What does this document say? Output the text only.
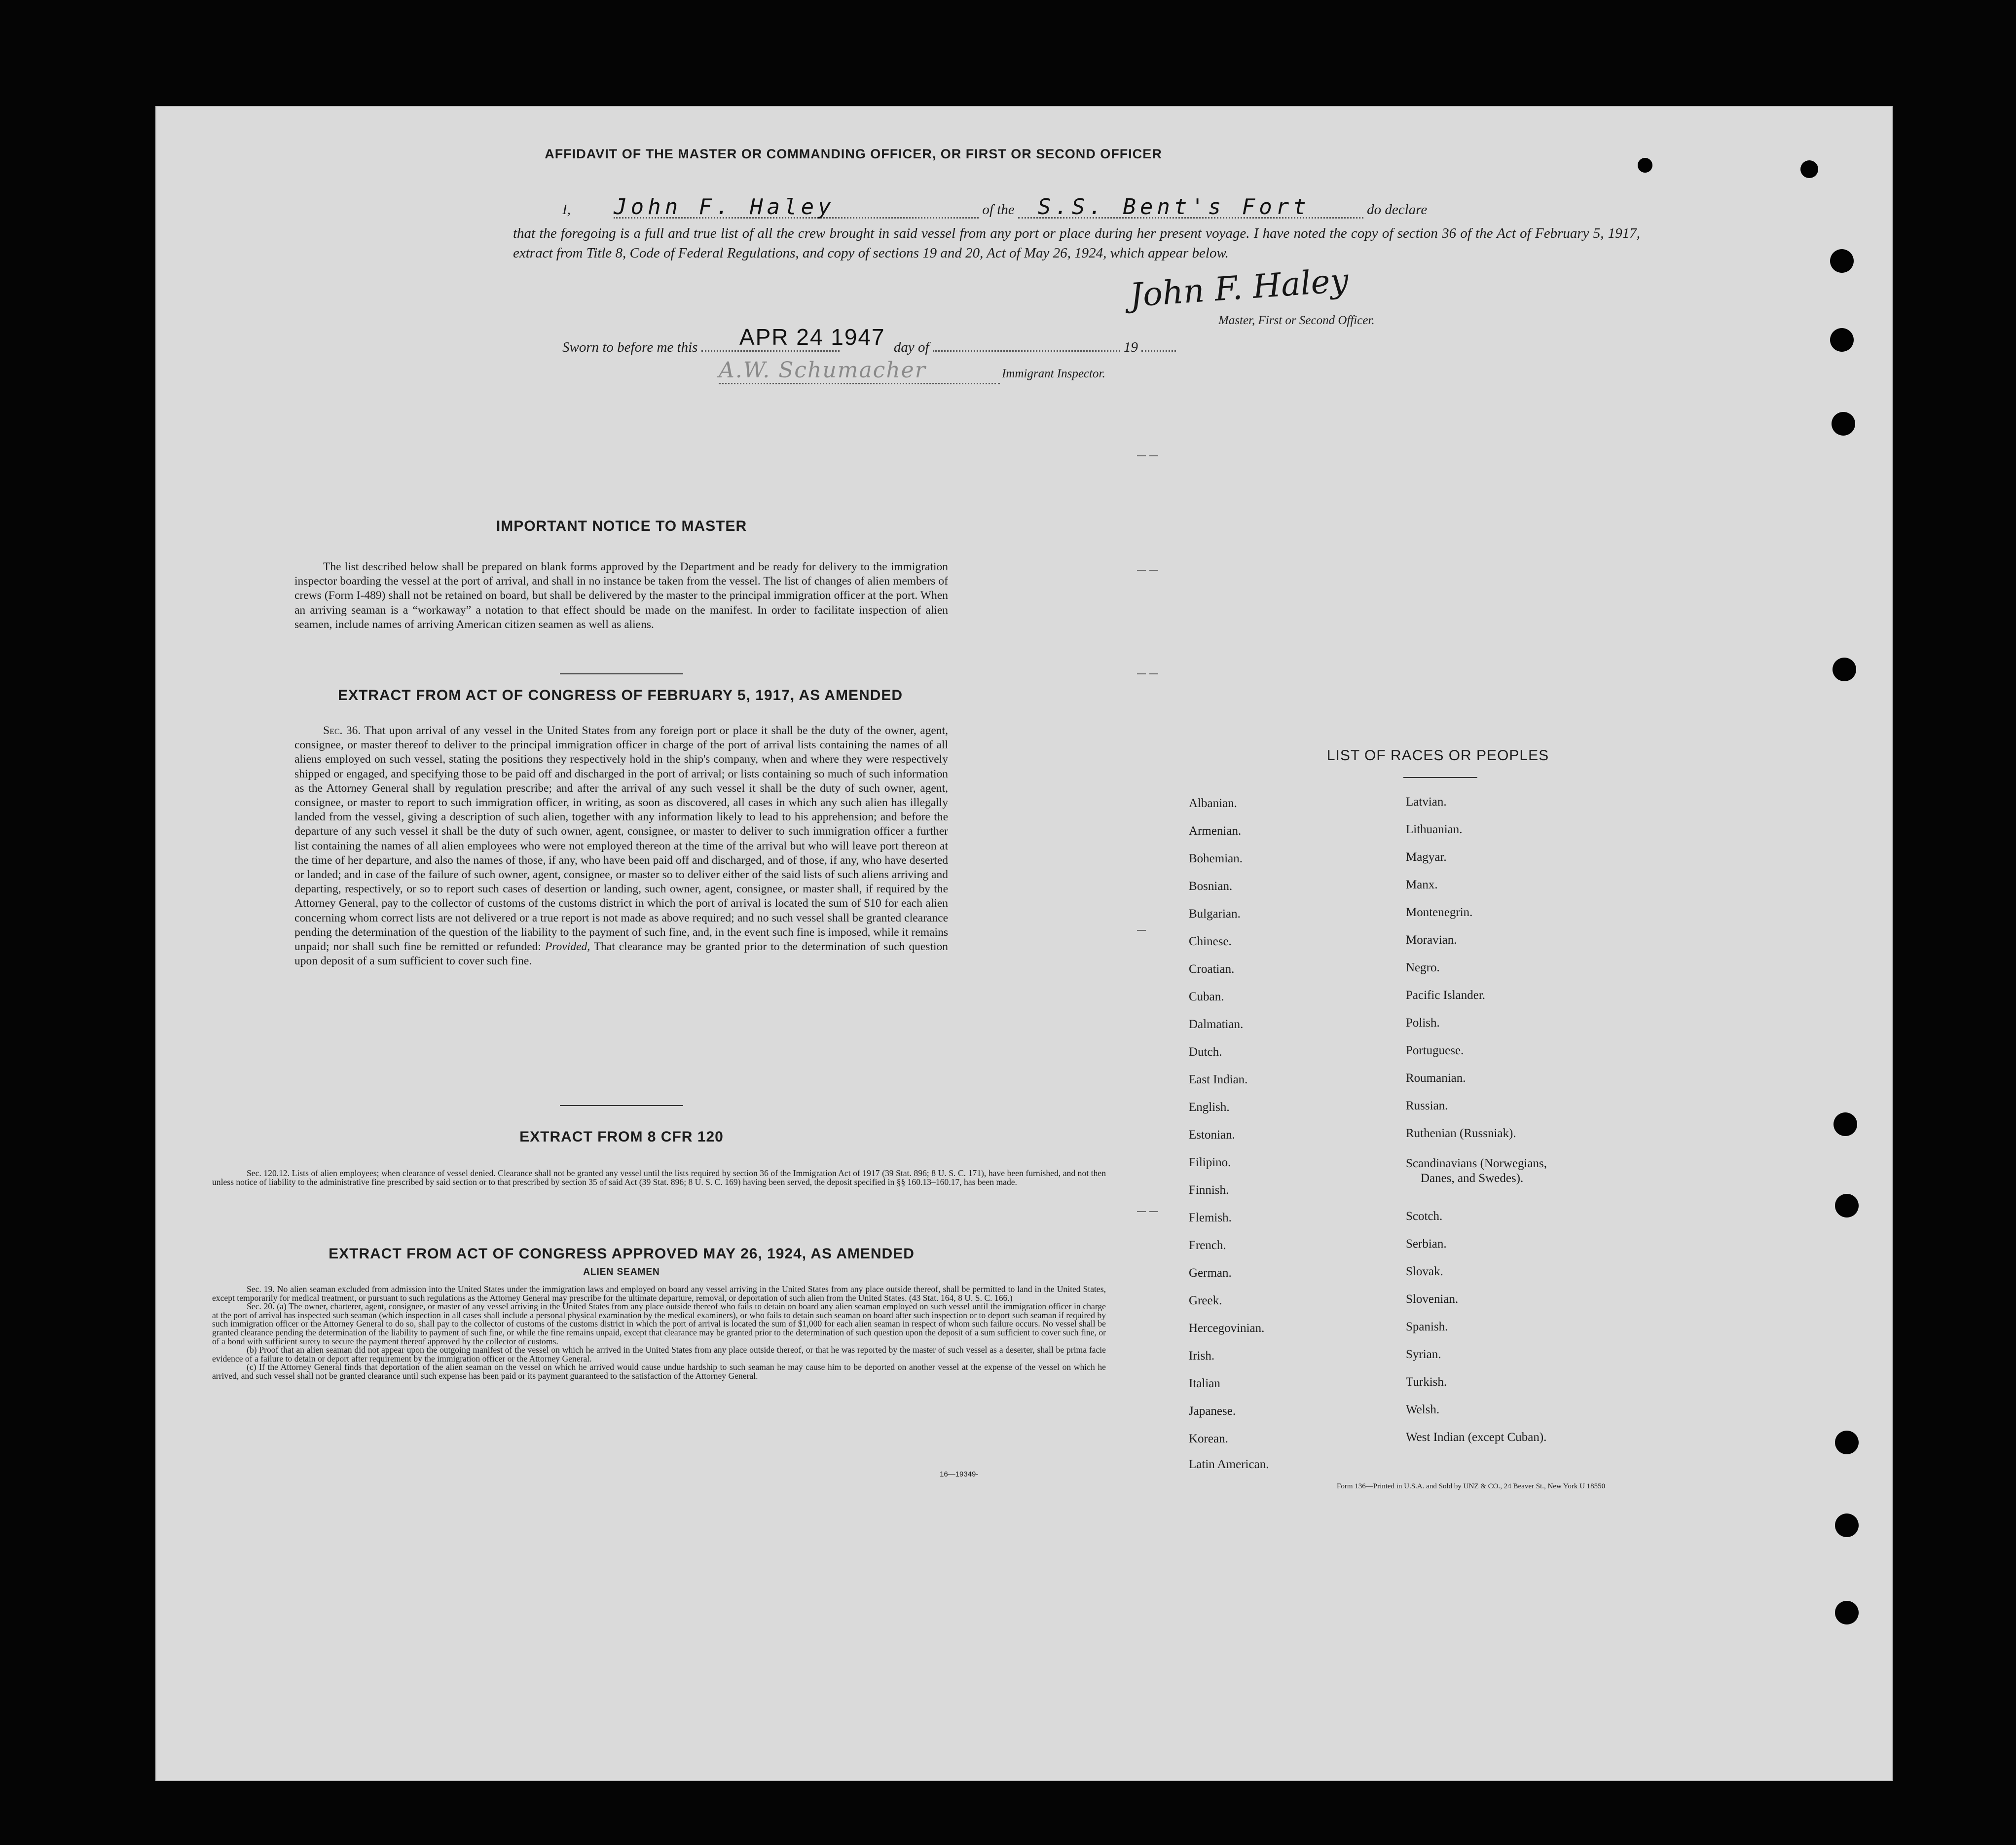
AFFIDAVIT OF THE MASTER OR COMMANDING OFFICER, OR FIRST OR SECOND OFFICER
I, John F. Haley	of the S.S. Bent's Fort	do declare
that the foregoing is a full and true list of all the crew brought in said vessel from any port or place during her present voyage. I have noted the copy of section 36 of the Act of February 5, 1917, extract from Title 8, Code of Federal Regulations, and copy of sections 19 and 20, Act of May 26, 1924, which appear below.
John F. Haley
Master, First or Second Officer.
Sworn to before me this APR 24 1947 day of	19
A.W. Schumacher	Immigrant Inspector.
IMPORTANT NOTICE TO MASTER
The list described below shall be prepared on blank forms approved by the Department and be ready for delivery to the immigration inspector boarding the vessel at the port of arrival, and shall in no instance be taken from the vessel. The list of changes of alien members of crews (Form I-489) shall not be retained on board, but shall be delivered by the master to the principal immigration officer at the port. When an arriving seaman is a “workaway” a notation to that effect should be made on the manifest. In order to facilitate inspection of alien seamen, include names of arriving American citizen seamen as well as aliens.
EXTRACT FROM ACT OF CONGRESS OF FEBRUARY 5, 1917, AS AMENDED
Sec. 36. That upon arrival of any vessel in the United States from any foreign port or place it shall be the duty of the owner, agent, consignee, or master thereof to deliver to the principal immigration officer in charge of the port of arrival lists containing the names of all aliens employed on such vessel, stating the positions they respectively hold in the ship's company, when and where they were respectively shipped or engaged, and specifying those to be paid off and discharged in the port of arrival; or lists containing so much of such information as the Attorney General shall by regulation prescribe; and after the arrival of any such vessel it shall be the duty of such owner, agent, consignee, or master to report to such immigration officer, in writing, as soon as discovered, all cases in which any such alien has illegally landed from the vessel, giving a description of such alien, together with any information likely to lead to his apprehension; and before the departure of any such vessel it shall be the duty of such owner, agent, consignee, or master to deliver to such immigration officer a further list containing the names of all alien employees who were not employed thereon at the time of the arrival but who will leave port thereon at the time of her departure, and also the names of those, if any, who have been paid off and discharged, and of those, if any, who have deserted or landed; and in case of the failure of such owner, agent, consignee, or master so to deliver either of the said lists of such aliens arriving and departing, respectively, or so to report such cases of desertion or landing, such owner, agent, consignee, or master shall, if required by the Attorney General, pay to the collector of customs of the customs district in which the port of arrival is located the sum of $10 for each alien concerning whom correct lists are not delivered or a true report is not made as above required; and no such vessel shall be granted clearance pending the determination of the question of the liability to the payment of such fine, and, in the event such fine is imposed, while it remains unpaid; nor shall such fine be remitted or refunded: Provided, That clearance may be granted prior to the determination of such question upon deposit of a sum sufficient to cover such fine.
EXTRACT FROM 8 CFR 120
Sec. 120.12. Lists of alien employees; when clearance of vessel denied. Clearance shall not be granted any vessel until the lists required by section 36 of the Immigration Act of 1917 (39 Stat. 896; 8 U. S. C. 171), have been furnished, and not then unless notice of liability to the administrative fine prescribed by said section or to that prescribed by section 35 of said Act (39 Stat. 896; 8 U. S. C. 169) having been served, the deposit specified in §§ 160.13–160.17, has been made.
EXTRACT FROM ACT OF CONGRESS APPROVED MAY 26, 1924, AS AMENDED
ALIEN SEAMEN
Sec. 19. No alien seaman excluded from admission into the United States under the immigration laws and employed on board any vessel arriving in the United States from any place outside thereof, shall be permitted to land in the United States, except temporarily for medical treatment, or pursuant to such regulations as the Attorney General may prescribe for the ultimate departure, removal, or deportation of such alien from the United States. (43 Stat. 164, 8 U. S. C. 166.)
Sec. 20. (a) The owner, charterer, agent, consignee, or master of any vessel arriving in the United States from any place outside thereof who fails to detain on board any alien seaman employed on such vessel until the immigration officer in charge at the port of arrival has inspected such seaman (which inspection in all cases shall include a personal physical examination by the medical examiners), or who fails to detain such seaman on board after such inspection or to deport such seaman if required by such immigration officer or the Attorney General to do so, shall pay to the collector of customs of the customs district in which the port of arrival is located the sum of $1,000 for each alien seaman in respect of whom such failure occurs. No vessel shall be granted clearance pending the determination of the liability to payment of such fine, or while the fine remains unpaid, except that clearance may be granted prior to the determination of such question upon the deposit of a sum sufficient to cover such fine, or of a bond with sufficient surety to secure the payment thereof approved by the collector of customs.
(b) Proof that an alien seaman did not appear upon the outgoing manifest of the vessel on which he arrived in the United States from any place outside thereof, or that he was reported by the master of such vessel as a deserter, shall be prima facie evidence of a failure to detain or deport after requirement by the immigration officer or the Attorney General.
(c) If the Attorney General finds that deportation of the alien seaman on the vessel on which he arrived would cause undue hardship to such seaman he may cause him to be deported on another vessel at the expense of the vessel on which he arrived, and such vessel shall not be granted clearance until such expense has been paid or its payment guaranteed to the satisfaction of the Attorney General.
16—19349-
LIST OF RACES OR PEOPLES
Albanian.
Armenian.
Bohemian.
Bosnian.
Bulgarian.
Chinese.
Croatian.
Cuban.
Dalmatian.
Dutch.
East Indian.
English.
Estonian.
Filipino.
Finnish.
Flemish.
French.
German.
Greek.
Hercegovinian.
Irish.
Italian
Japanese.
Korean.
Latin American.
Latvian.
Lithuanian.
Magyar.
Manx.
Montenegrin.
Moravian.
Negro.
Pacific Islander.
Polish.
Portuguese.
Roumanian.
Russian.
Ruthenian (Russniak).
Scandinavians (Norwegians,
Danes, and Swedes).
Scotch.
Serbian.
Slovak.
Slovenian.
Spanish.
Syrian.
Turkish.
Welsh.
West Indian (except Cuban).
Form 136—Printed in U.S.A. and Sold by UNZ & CO., 24 Beaver St., New York U 18550
